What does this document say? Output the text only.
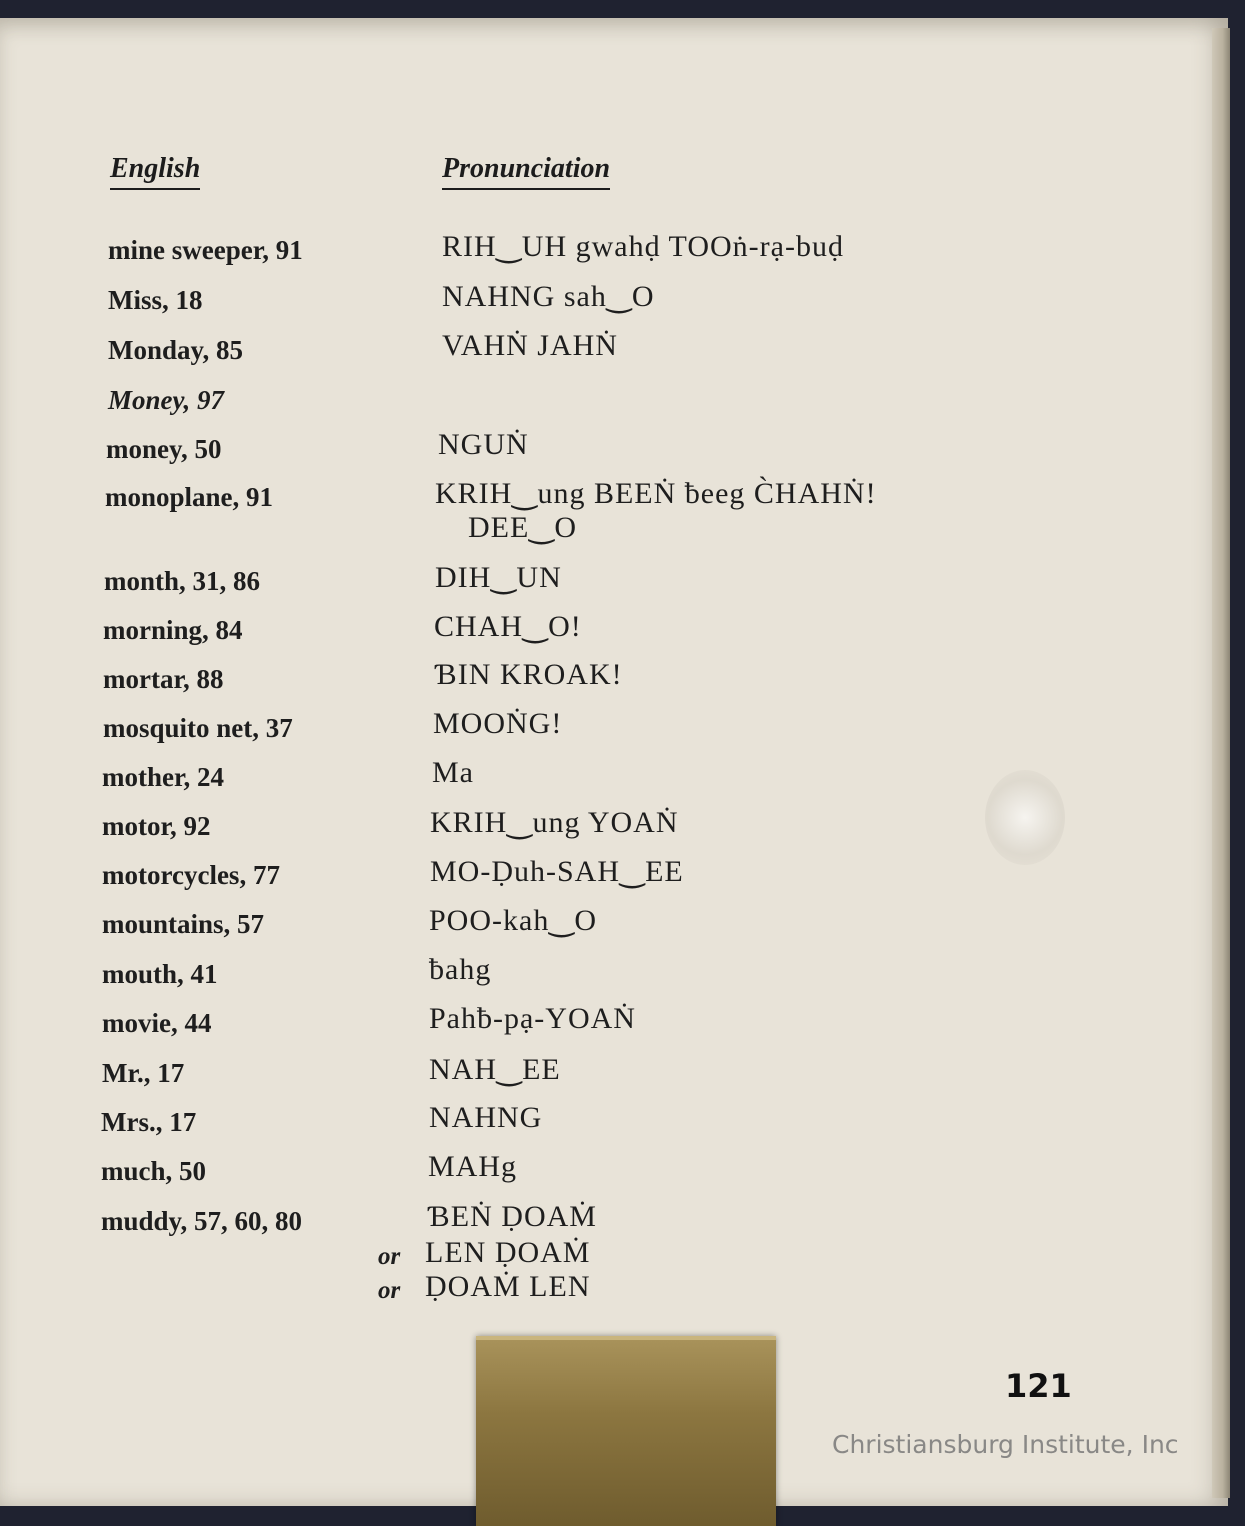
English	Pronunciation
mine sweeper, 91	RIH‿UH gwahḍ TOOṅ-rạ-buḍ
Miss, 18	NAHNG sah‿O
Monday, 85	VAHṄ JAHṄ
Money, 97
money, 50	NGUṄ
monoplane, 91	KRIH‿ung BEEṄ ƀeeg C̀HAHṄ!
DEE‿O
month, 31, 86	DIH‿UN
morning, 84	CHAH‿O!
mortar, 88	ƁIN KROAK!
mosquito net, 37	MOOṄG!
mother, 24	Ma
motor, 92	KRIH‿ung YOAṄ
motorcycles, 77	MO-Ḍuh-SAH‿EE
mountains, 57	POO-kah‿O
mouth, 41	ƀahg
movie, 44	Pahƀ-pạ-YOAṄ
Mr., 17	NAH‿EE
Mrs., 17	NAHNG
much, 50	MAHg
muddy, 57, 60, 80	ƁEṄ ḌOAṀ
or LEN ḌOAṀ
or ḌOAṀ LEN
121
Christiansburg Institute, Inc
